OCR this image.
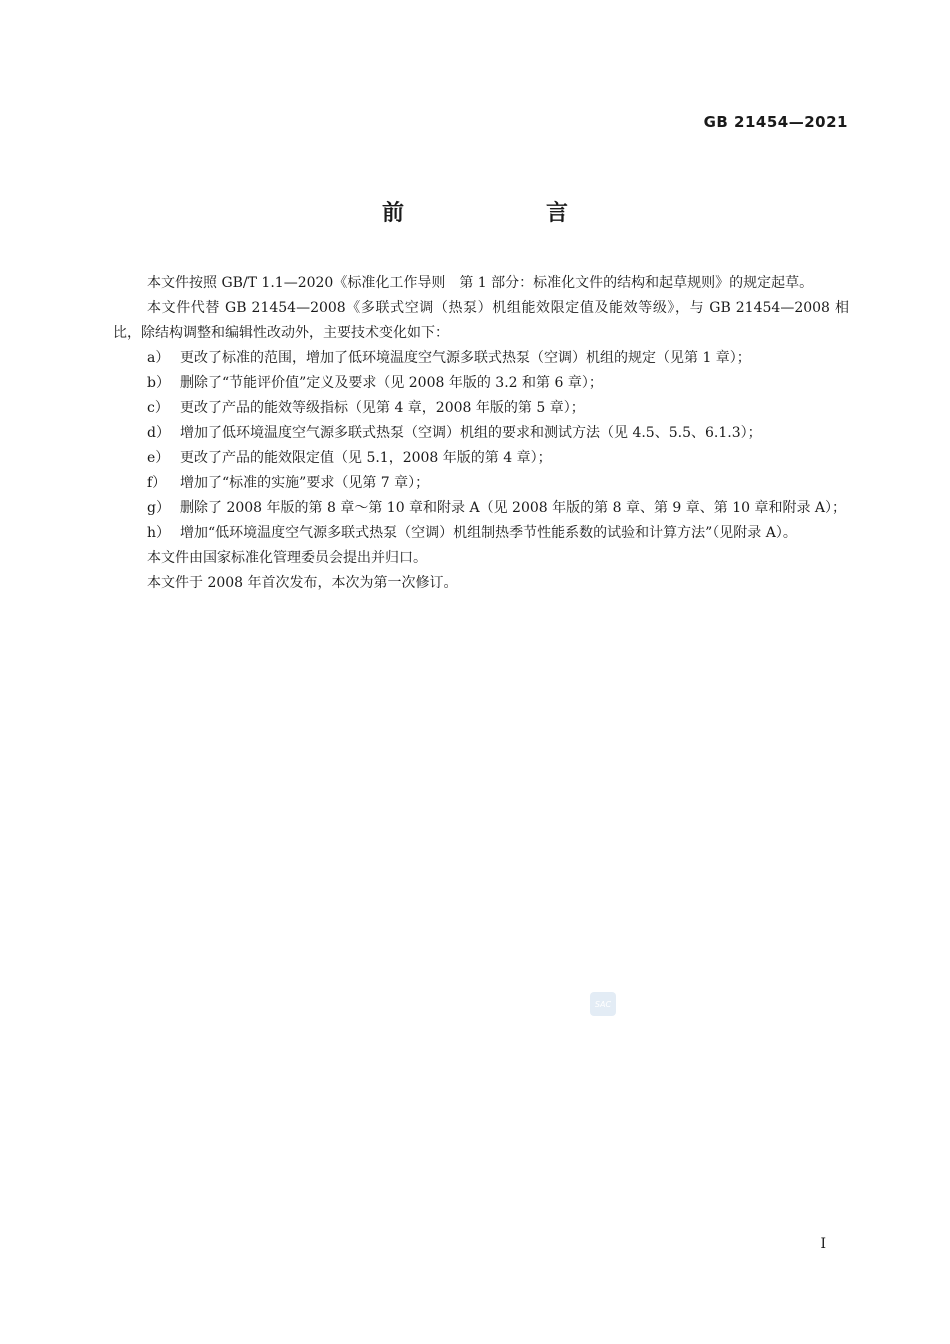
GB 21454—2021
前　言

本文件按照 GB/T 1.1—2020《标准化工作导则　第 1 部分：标准化文件的结构和起草规则》的规定起草。

本文件代替 GB 21454—2008《多联式空调（热泵）机组能效限定值及能效等级》，与 GB 21454—2008 相比，除结构调整和编辑性改动外，主要技术变化如下：

a） 更改了标准的范围，增加了低环境温度空气源多联式热泵（空调）机组的规定（见第 1 章）；
b） 删除了“节能评价值”定义及要求（见 2008 年版的 3.2 和第 6 章）；
c） 更改了产品的能效等级指标（见第 4 章，2008 年版的第 5 章）；
d） 增加了低环境温度空气源多联式热泵（空调）机组的要求和测试方法（见 4.5、5.5、6.1.3）；
e） 更改了产品的能效限定值（见 5.1，2008 年版的第 4 章）；
f） 增加了“标准的实施”要求（见第 7 章）；
g） 删除了 2008 年版的第 8 章～第 10 章和附录 A（见 2008 年版的第 8 章、第 9 章、第 10 章和附录 A）；
h） 增加“低环境温度空气源多联式热泵（空调）机组制热季节性能系数的试验和计算方法”（见附录 A）。

本文件由国家标准化管理委员会提出并归口。

本文件于 2008 年首次发布，本次为第一次修订。

SAC
I
